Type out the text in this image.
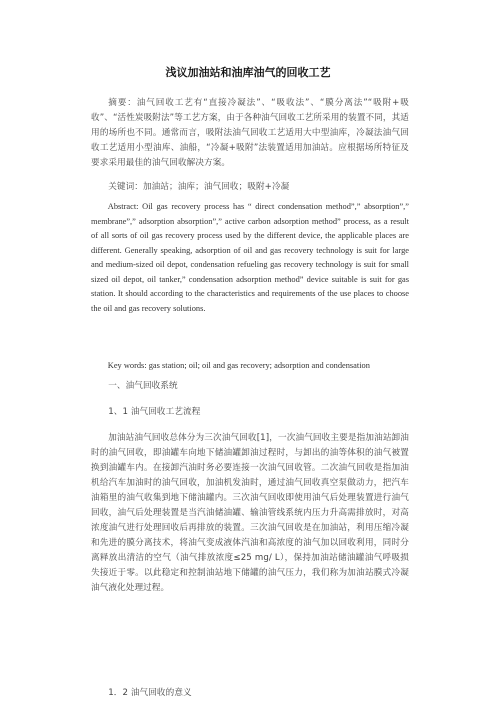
浅议加油站和油库油气的回收工艺

摘要：油气回收工艺有“直接冷凝法”、“吸收法”、“膜分离法”“吸附+吸收”、“活性炭吸附法”等工艺方案，由于各种油气回收工艺所采用的装置不同，其适用的场所也不同。通常而言，吸附法油气回收工艺适用大中型油库，冷凝法油气回收工艺适用小型油库、油船，“冷凝+吸附”法装置适用加油站。应根据场所特征及要求采用最佳的油气回收解决方案。

关键词：加油站；油库；油气回收；吸附+冷凝

Abstract: Oil gas recovery process has “ direct condensation method”,” absorption”,” membrane”,” adsorption absorption”,” active carbon adsorption method” process, as a result of all sorts of oil gas recovery process used by the different device, the applicable places are different. Generally speaking, adsorption of oil and gas recovery technology is suit for large and medium-sized oil depot, condensation refueling gas recovery technology is suit for small sized oil depot, oil tanker,” condensation adsorption method” device suitable is suit for gas station. It should according to the characteristics and requirements of the use places to choose the oil and gas recovery solutions.

Key words: gas station; oil; oil and gas recovery; adsorption and condensation

一、油气回收系统

1、1 油气回收工艺流程

加油站油气回收总体分为三次油气回收[1]，一次油气回收主要是指加油站卸油时的油气回收，即油罐车向地下储油罐卸油过程时，与卸出的油等体积的油气被置换到油罐车内。在接卸汽油时务必要连接一次油气回收管。二次油气回收是指加油机给汽车加油时的油气回收，加油机发油时，通过油气回收真空泵做动力，把汽车油箱里的油气收集到地下储油罐内。三次油气回收即使用油气后处理装置进行油气回收，油气后处理装置是当汽油储油罐、输油管线系统内压力升高需排放时，对高浓度油气进行处理回收后再排放的装置。三次油气回收是在加油站，利用压缩冷凝和先进的膜分离技术，将油气变成液体汽油和高浓度的油气加以回收利用，同时分离释放出清洁的空气（油气排放浓度≤25 mg/ L），保持加油站储油罐油气呼吸损失接近于零。以此稳定和控制油站地下储罐的油气压力，我们称为加油站膜式冷凝油气液化处理过程。

1．2 油气回收的意义
